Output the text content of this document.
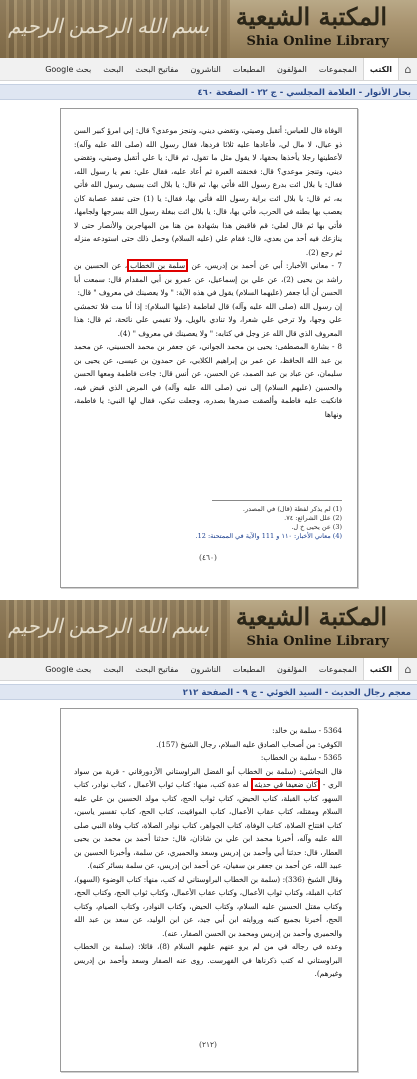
بسم الله الرحمن الرحيم المكتبة الشيعية
Shia Online Library
⌂
الكتب
المجموعات
المؤلفون
المطبعات
الناشرون
مفاتيح البحث
البحث
بحث Google
بحار الأنوار - العلامة المجلسي - ج ٢٢ - الصفحة ٤٦٠

الوفاة قال للعباس: أتقبل وصيتي، وتقضي ديني، وتنجز موعدي؟ قال: إني امرؤ كبير السن ذو عيال، لا مال لي، فأعادها عليه ثلاثا فردها، فقال رسول الله (صلى الله عليه وآله): لأعطينها رجلا يأخذها بحقها، لا يقول مثل ما تقول، ثم قال: يا علي أتقبل وصيتي، وتقضي ديني، وتنجز موعدي؟ قال: فخنقته العبرة ثم أعاد عليه، فقال علي: نعم يا رسول الله، فقال: يا بلال ائت بدرع رسول الله فأتي بها، ثم قال: يا بلال ائت بسيف رسول الله فأتي به، ثم قال: يا بلال ائت براية رسول الله فأتي بها، فقال: يا (1) حتى تفقد عصابة كان يعصب بها بطنه في الحرب، فأتي بها، قال: يا بلال ائت ببغلة رسول الله بسرجها ولجامها، فأتي بها ثم قال لعلي: قم فاقبض هذا بشهادة من هنا من المهاجرين والأنصار حتى لا ينازعك فيه أحد من بعدي، قال: فقام علي (عليه السلام) وحمل ذلك حتى استودعه منزله ثم رجع (2).

7 - معاني الأخبار: أبي عن أحمد بن إدريس، عن سلمة بن الخطاب، عن الحسين بن راشد بن يحيى (2)، عن علي بن إسماعيل، عن عمرو بن أبي المقدام قال: سمعت أبا الحسن أن أبا جعفر (عليهما السلام) يقول في هذه الآية: " ولا يعصينك في معروف " قال:

إن رسول الله (صلى الله عليه وآله) قال لفاطمة (عليها السلام): إذا أنا مت فلا تخمشي علي وجها، ولا ترخي علي شعرا، ولا تنادي بالويل، ولا تقيمي علي نائحة، ثم قال: هذا المعروف الذي قال الله عز وجل في كتابه: " ولا يعصينك في معروف " (4).

8 - بشارة المصطفى: يحيى بن محمد الجواني، عن جعفر بن محمد الحسيني، عن محمد بن عبد الله الحافظ، عن عمر بن إبراهيم الكلابي، عن حمدون بن عيسى، عن يحيى بن سليمان، عن عباد بن عبد الصمد، عن الحسن، عن أنس قال: جاءت فاطمة ومعها الحسن والحسين (عليهم السلام) إلى نبي (صلى الله عليه وآله) في المرض الذي قبض فيه، فانكبت عليه فاطمة وألصقت صدرها بصدره، وجعلت تبكي، فقال لها النبي: يا فاطمة، ونهاها

(1) لم يذكر لفظة (قال) في المصدر.
(2) علل الشرائع: ٧٤.
(3) عن يحيى خ ل.
(4) معاني الأخبار: ١١٠ و 111 والآية في الممتحنة: 12.
(٤٦٠)
بسم الله الرحمن الرحيم المكتبة الشيعية
Shia Online Library
⌂
الكتب
المجموعات
المؤلفون
المطبعات
الناشرون
مفاتيح البحث
البحث
بحث Google
معجم رجال الحديث - السيد الخوئي - ج ٩ - الصفحة ٢١٢

5364 - سلمة بن خالد:

الكوفي: من أصحاب الصادق عليه السلام، رجال الشيخ (157).

5365 - سلمة بن الخطاب:

قال النجاشي: (سلمة بن الخطاب أبو الفضل البراوستاني الأزدورقاني - قرية من سواد الري - كان ضعيفا في حديثه له عدة كتب، منها: كتاب ثواب الأعمال ، كتاب نوادر، كتاب السهو، كتاب القبلة، كتاب الحيض، كتاب ثواب الحج، كتاب مولد الحسين بن علي عليه السلام ومقتله، كتاب عقاب الأعمال، كتاب المواقيت، كتاب الحج، كتاب تفسير ياسين، كتاب افتتاح الصلاة، كتاب الوفاة، كتاب الجواهر، كتاب نوادر الصلاة، كتاب وفاة النبي صلى الله عليه وآله، أخبرنا محمد ابن علي بن شاذان، قال: حدثنا أحمد بن محمد بن يحيى العطار، قال: حدثنا أبي وأحمد بن إدريس وسعد والحميري، عن سلمة، وأخبرنا الحسين بن عبيد الله، عن أحمد بن جعفر بن سفيان، عن أحمد ابن إدريس، عن سلمة بسائر كتبه).

وقال الشيخ (336): (سلمة بن الخطاب البراوستاني له كتب، منها: كتاب الوضوء (السهو)، كتاب القبلة، وكتاب ثواب الأعمال، وكتاب عقاب الأعمال، وكتاب ثواب الحج، وكتاب الحج، وكتاب مقتل الحسين عليه السلام، وكتاب الحيض، وكتاب النوادر، وكتاب الصيام، وكتاب الحج، أخبرنا بجميع كتبه وروايته ابن أبي جيد، عن ابن الوليد، عن سعد بن عبد الله والحميري وأحمد بن إدريس ومحمد بن الحسن الصفار، عنه).

وعده في رجاله في من لم يرو عنهم عليهم السلام (8)، قائلا: (سلمة بن الخطاب البراوستاني له كتب ذكرناها في الفهرست. روى عنه الصفار وسعد وأحمد بن إدريس وغيرهم).

(٢١٢)
